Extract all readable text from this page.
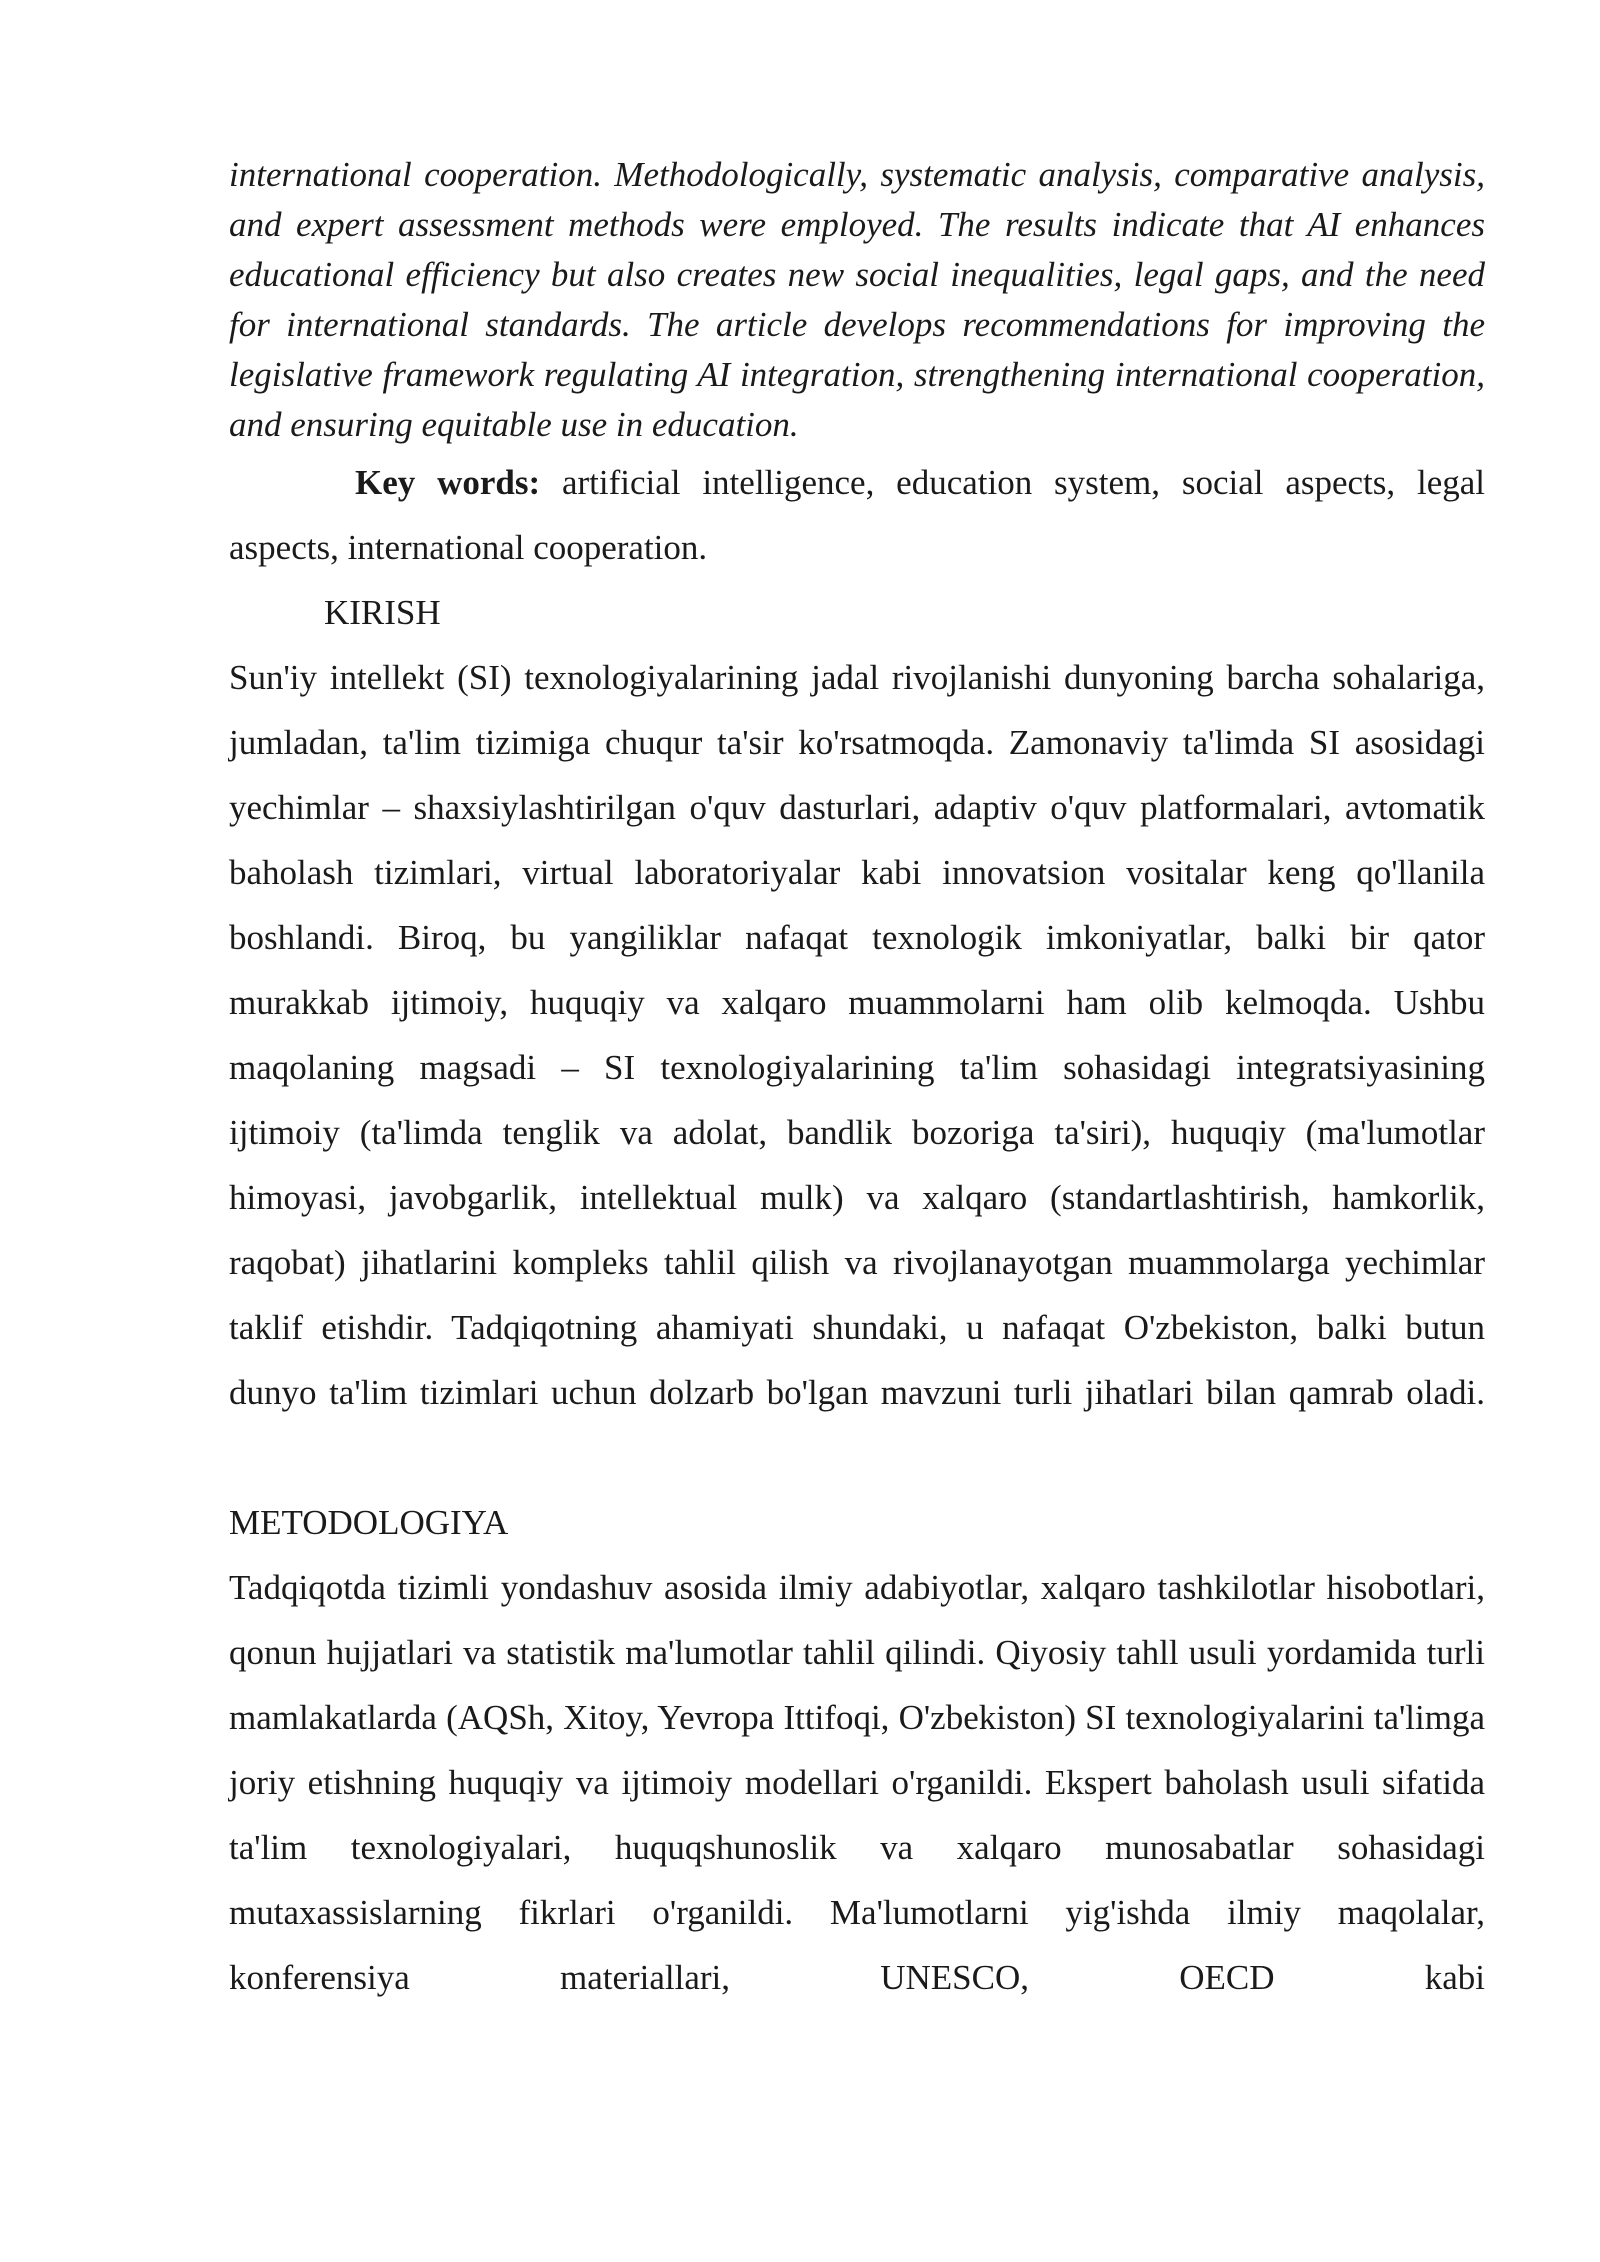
international cooperation. Methodologically, systematic analysis, comparative analysis, and expert assessment methods were employed. The results indicate that AI enhances educational efficiency but also creates new social inequalities, legal gaps, and the need for international standards. The article develops recommendations for improving the legislative framework regulating AI integration, strengthening international cooperation, and ensuring equitable use in education.

Key words: artificial intelligence, education system, social aspects, legal aspects, international cooperation.

KIRISH

Sun'iy intellekt (SI) texnologiyalarining jadal rivojlanishi dunyoning barcha sohalariga, jumladan, ta'lim tizimiga chuqur ta'sir ko'rsatmoqda. Zamonaviy ta'limda SI asosidagi yechimlar – shaxsiylashtirilgan o'quv dasturlari, adaptiv o'quv platformalari, avtomatik baholash tizimlari, virtual laboratoriyalar kabi innovatsion vositalar keng qo'llanila boshlandi. Biroq, bu yangiliklar nafaqat texnologik imkoniyatlar, balki bir qator murakkab ijtimoiy, huquqiy va xalqaro muammolarni ham olib kelmoqda. Ushbu maqolaning magsadi – SI texnologiyalarining ta'lim sohasidagi integratsiyasining ijtimoiy (ta'limda tenglik va adolat, bandlik bozoriga ta'siri), huquqiy (ma'lumotlar himoyasi, javobgarlik, intellektual mulk) va xalqaro (standartlashtirish, hamkorlik, raqobat) jihatlarini kompleks tahlil qilish va rivojlanayotgan muammolarga yechimlar taklif etishdir. Tadqiqotning ahamiyati shundaki, u nafaqat O'zbekiston, balki butun dunyo ta'lim tizimlari uchun dolzarb bo'lgan mavzuni turli jihatlari bilan qamrab oladi.

METODOLOGIYA

Tadqiqotda tizimli yondashuv asosida ilmiy adabiyotlar, xalqaro tashkilotlar hisobotlari, qonun hujjatlari va statistik ma'lumotlar tahlil qilindi. Qiyosiy tahll usuli yordamida turli mamlakatlarda (AQSh, Xitoy, Yevropa Ittifoqi, O'zbekiston) SI texnologiyalarini ta'limga joriy etishning huquqiy va ijtimoiy modellari o'rganildi. Ekspert baholash usuli sifatida ta'lim texnologiyalari, huquqshunoslik va xalqaro munosabatlar sohasidagi mutaxassislarning fikrlari o'rganildi. Ma'lumotlarni yig'ishda ilmiy maqolalar, konferensiya materiallari, UNESCO, OECD kabi
